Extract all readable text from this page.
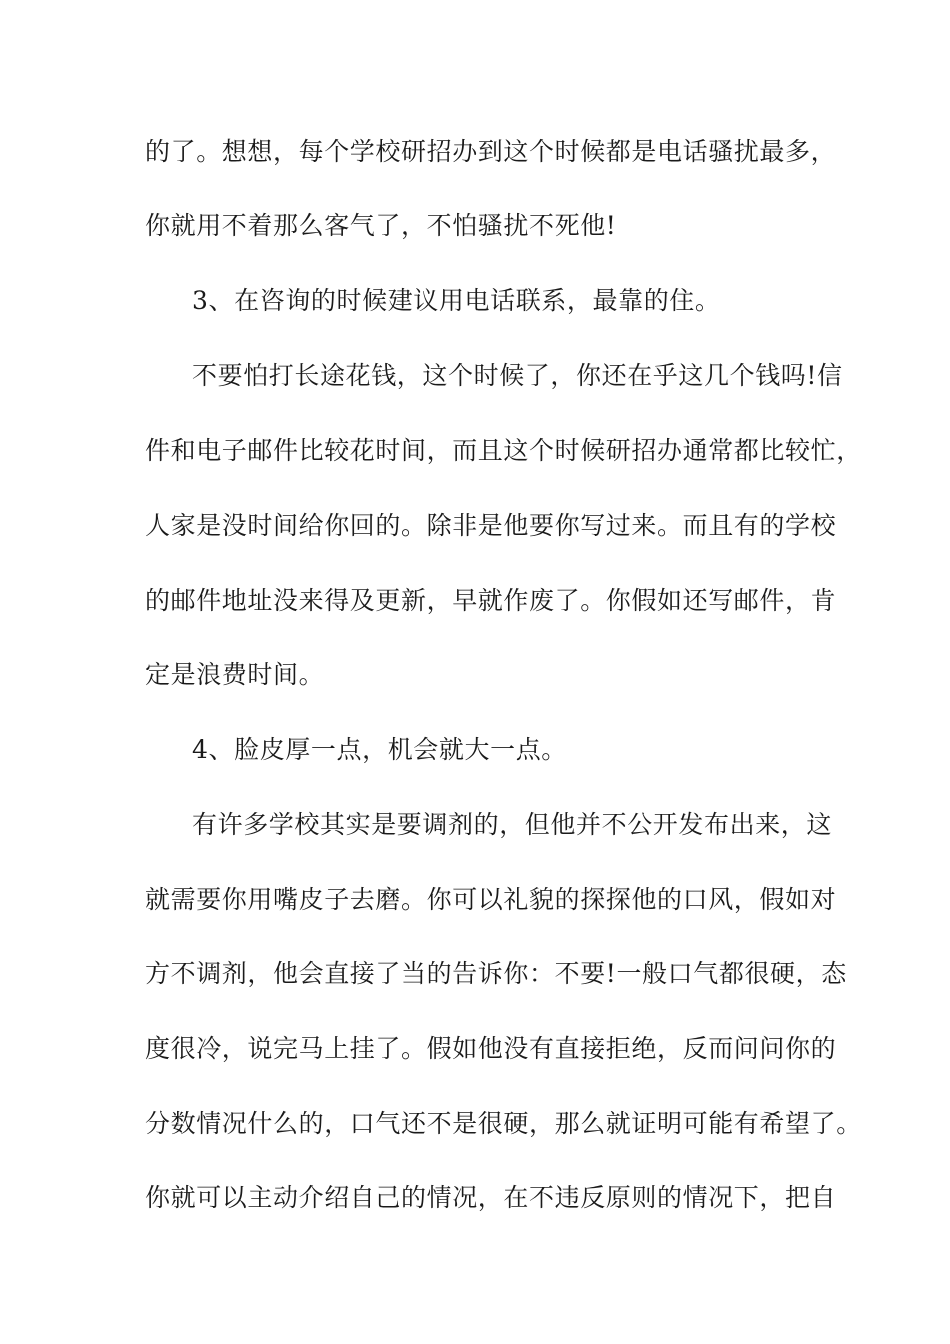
的了。想想，每个学校研招办到这个时候都是电话骚扰最多，

你就用不着那么客气了，不怕骚扰不死他!

3、在咨询的时候建议用电话联系，最靠的住。

不要怕打长途花钱，这个时候了，你还在乎这几个钱吗!信

件和电子邮件比较花时间，而且这个时候研招办通常都比较忙，

人家是没时间给你回的。除非是他要你写过来。而且有的学校

的邮件地址没来得及更新，早就作废了。你假如还写邮件，肯

定是浪费时间。

4、脸皮厚一点，机会就大一点。

有许多学校其实是要调剂的，但他并不公开发布出来，这

就需要你用嘴皮子去磨。你可以礼貌的探探他的口风，假如对

方不调剂，他会直接了当的告诉你：不要!一般口气都很硬，态

度很冷，说完马上挂了。假如他没有直接拒绝，反而问问你的

分数情况什么的，口气还不是很硬，那么就证明可能有希望了。

你就可以主动介绍自己的情况，在不违反原则的情况下，把自
